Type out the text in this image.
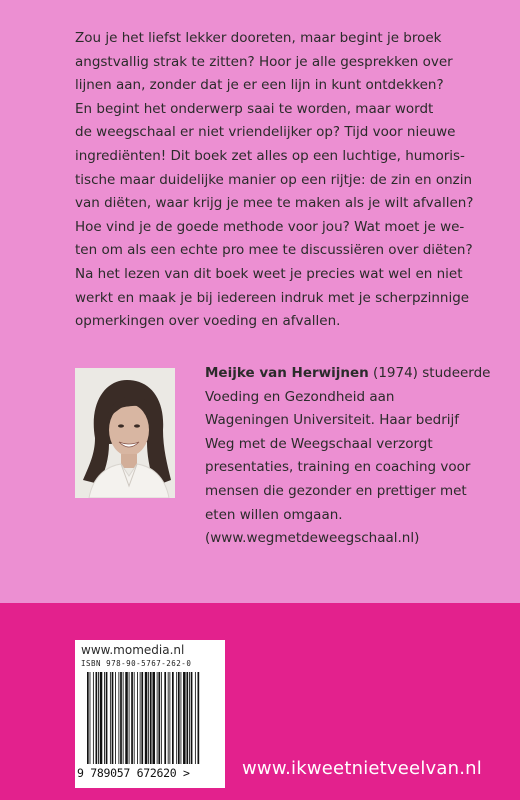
Zou je het liefst lekker dooreten, maar begint je broek
angstvallig strak te zitten? Hoor je alle gesprekken over
lijnen aan, zonder dat je er een lijn in kunt ontdekken?
En begint het onderwerp saai te worden, maar wordt
de weegschaal er niet vriendelijker op? Tijd voor nieuwe
ingrediënten! Dit boek zet alles op een luchtige, humoris-
tische maar duidelijke manier op een rijtje: de zin en onzin
van diëten, waar krijg je mee te maken als je wilt afvallen?
Hoe vind je de goede methode voor jou? Wat moet je we-
ten om als een echte pro mee te discussiëren over diëten?
Na het lezen van dit boek weet je precies wat wel en niet
werkt en maak je bij iedereen indruk met je scherpzinnige
opmerkingen over voeding en afvallen.
Meijke van Herwijnen (1974) studeerde
Voeding en Gezondheid aan
Wageningen Universiteit. Haar bedrijf
Weg met de Weegschaal verzorgt
presentaties, training en coaching voor
mensen die gezonder en prettiger met
eten willen omgaan.
(www.wegmetdeweegschaal.nl)
www.momedia.nl
ISBN 978-90-5767-262-0
9 789057 672620 >	www.ikweetnietveelvan.nl
